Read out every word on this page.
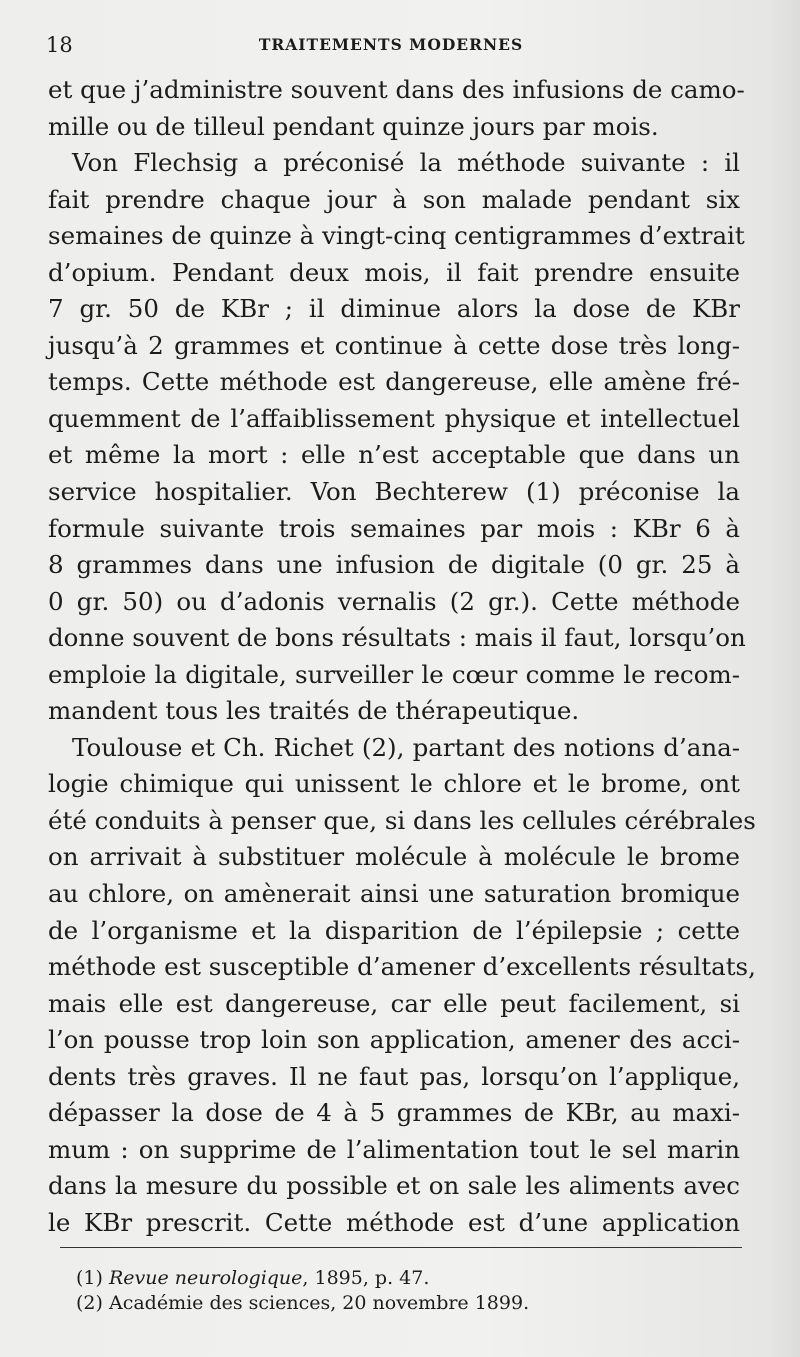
18	TRAITEMENTS MODERNES
et que j’administre souvent dans des infusions de camo-
mille ou de tilleul pendant quinze jours par mois.
Von Flechsig a préconisé la méthode suivante : il
fait prendre chaque jour à son malade pendant six
semaines de quinze à vingt-cinq centigrammes d’extrait
d’opium. Pendant deux mois, il fait prendre ensuite
7 gr. 50 de KBr ; il diminue alors la dose de KBr
jusqu’à 2 grammes et continue à cette dose très long-
temps. Cette méthode est dangereuse, elle amène fré-
quemment de l’affaiblissement physique et intellectuel
et même la mort : elle n’est acceptable que dans un
service hospitalier. Von Bechterew (1) préconise la
formule suivante trois semaines par mois : KBr 6 à
8 grammes dans une infusion de digitale (0 gr. 25 à
0 gr. 50) ou d’adonis vernalis (2 gr.). Cette méthode
donne souvent de bons résultats : mais il faut, lorsqu’on
emploie la digitale, surveiller le cœur comme le recom-
mandent tous les traités de thérapeutique.
Toulouse et Ch. Richet (2), partant des notions d’ana-
logie chimique qui unissent le chlore et le brome, ont
été conduits à penser que, si dans les cellules cérébrales
on arrivait à substituer molécule à molécule le brome
au chlore, on amènerait ainsi une saturation bromique
de l’organisme et la disparition de l’épilepsie ; cette
méthode est susceptible d’amener d’excellents résultats,
mais elle est dangereuse, car elle peut facilement, si
l’on pousse trop loin son application, amener des acci-
dents très graves. Il ne faut pas, lorsqu’on l’applique,
dépasser la dose de 4 à 5 grammes de KBr, au maxi-
mum : on supprime de l’alimentation tout le sel marin
dans la mesure du possible et on sale les aliments avec
le KBr prescrit. Cette méthode est d’une application
(1) Revue neurologique, 1895, p. 47.
(2) Académie des sciences, 20 novembre 1899.
